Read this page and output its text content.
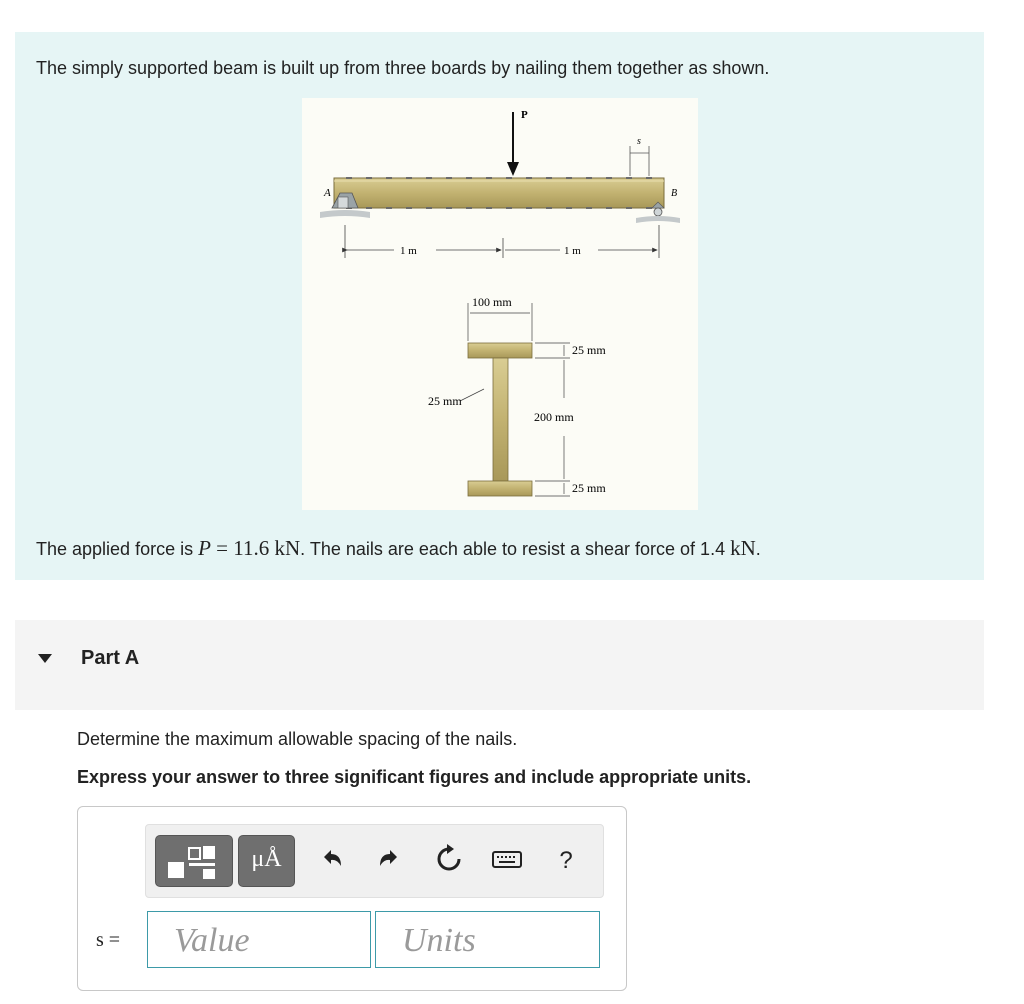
The simply supported beam is built up from three boards by nailing them together as shown.
P
s
A	B
1 m	1 m
100 mm
25 mm
25 mm
200 mm
25 mm
The applied force is P = 11.6 kN. The nails are each able to resist a shear force of 1.4 kN.
Part A
Determine the maximum allowable spacing of the nails.
Express your answer to three significant figures and include appropriate units.
μÅ	?
s =	Value	Units
